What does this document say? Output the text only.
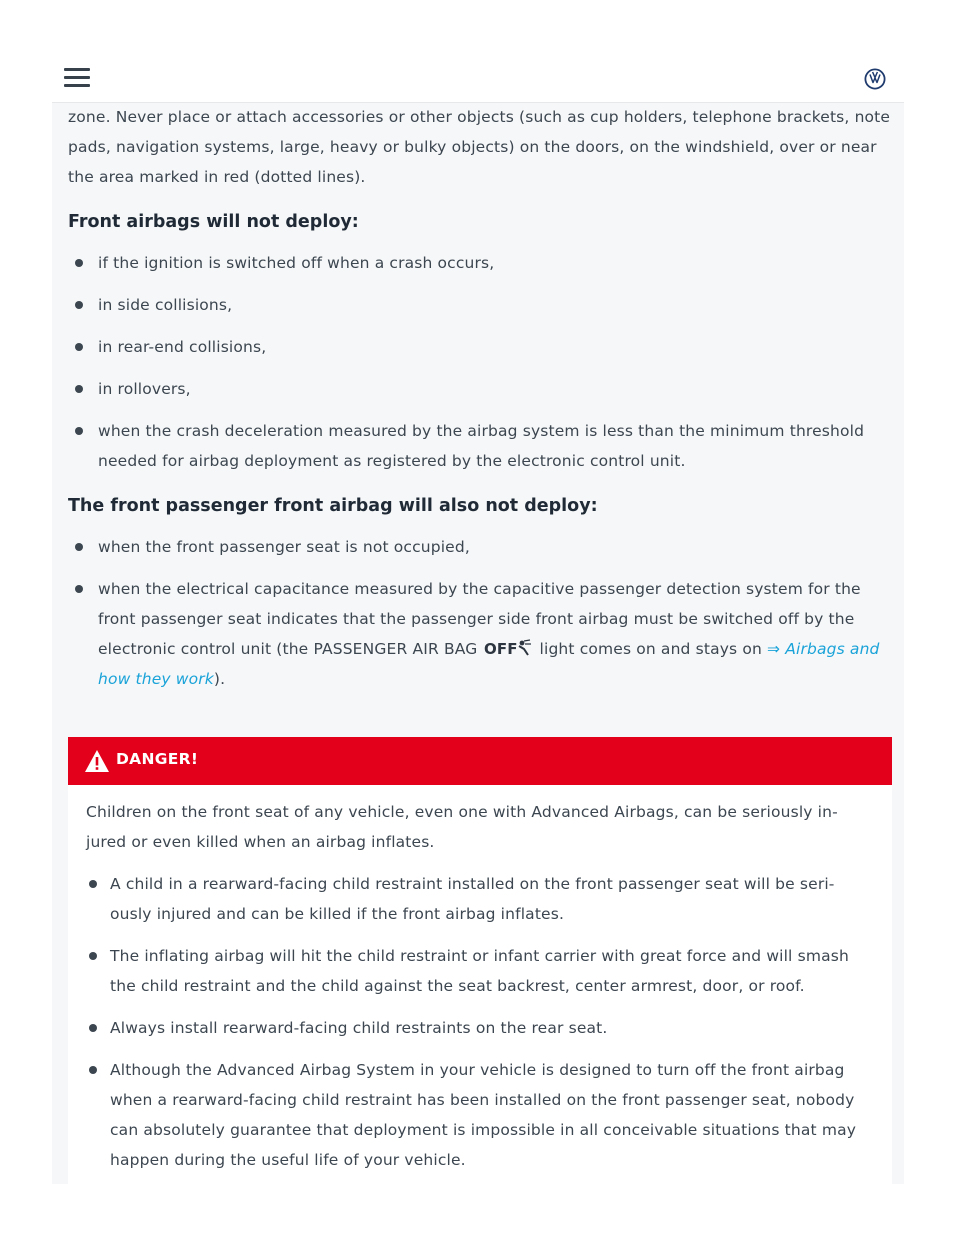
zone. Never place or attach accessories or other objects (such as cup holders, telephone brackets, note pads, navigation systems, large, heavy or bulky objects) on the doors, on the windshield, over or near the area marked in red (dotted lines).

Front airbags will not deploy:
if the ignition is switched off when a crash occurs,
in side collisions,
in rear-end collisions,
in rollovers,
when the crash deceleration measured by the airbag system is less than the minimum threshold needed for airbag deployment as registered by the electronic control unit.
The front passenger front airbag will also not deploy:
when the front passenger seat is not occupied,
when the electrical capacitance measured by the capacitive passenger detection system for the front passenger seat indicates that the passenger side front airbag must be switched off by the electronic control unit (the PASSENGER AIR BAG OFF light comes on and stays on ⇒ Airbags and how they work).
DANGER!

Children on the front seat of any vehicle, even one with Advanced Airbags, can be seriously in-jured or even killed when an airbag inflates.

A child in a rearward-facing child restraint installed on the front passenger seat will be seri-ously injured and can be killed if the front airbag inflates.
The inflating airbag will hit the child restraint or infant carrier with great force and will smash the child restraint and the child against the seat backrest, center armrest, door, or roof.
Always install rearward-facing child restraints on the rear seat.
Although the Advanced Airbag System in your vehicle is designed to turn off the front airbag when a rearward-facing child restraint has been installed on the front passenger seat, nobody can absolutely guarantee that deployment is impossible in all conceivable situations that may happen during the useful life of your vehicle.
